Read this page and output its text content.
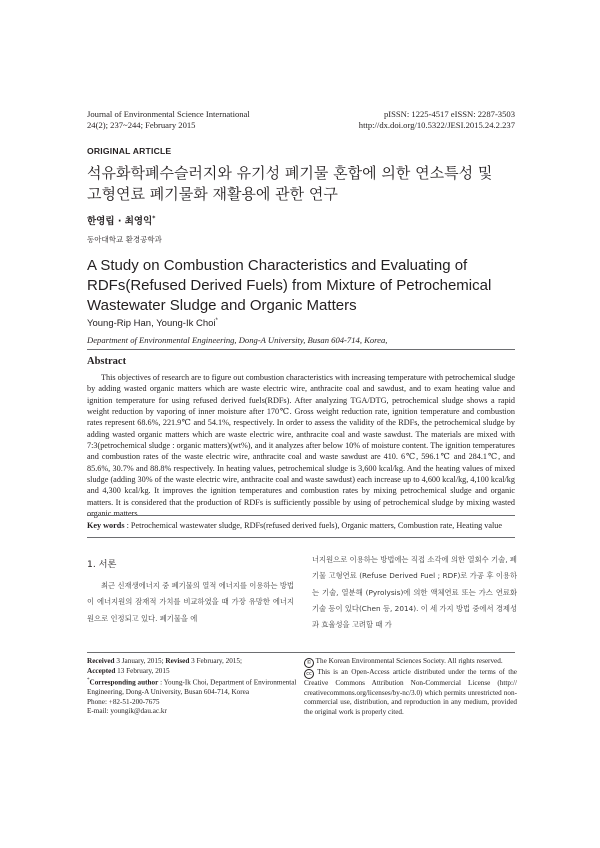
Journal of Environmental Science International
24(2); 237~244; February 2015
pISSN: 1225-4517 eISSN: 2287-3503
http://dx.doi.org/10.5322/JESI.2015.24.2.237
ORIGINAL ARTICLE
석유화학폐수슬러지와 유기성 폐기물 혼합에 의한 연소특성 및
고형연료 폐기물화 재활용에 관한 연구
한영립 · 최영익*
동아대학교 환경공학과
A Study on Combustion Characteristics and Evaluating of
RDFs(Refused Derived Fuels) from Mixture of Petrochemical
Wastewater Sludge and Organic Matters
Young-Rip Han, Young-Ik Choi*
Department of Environmental Engineering, Dong-A University, Busan 604-714, Korea,
Abstract
This objectives of research are to figure out combustion characteristics with increasing temperature with petrochemical sludge by adding wasted organic matters which are waste electric wire, anthracite coal and sawdust, and to exam heating value and ignition temperature for using refused derived fuels(RDFs). After analyzing TGA/DTG, petrochemical sludge shows a rapid weight reduction by vaporing of inner moisture after 170℃. Gross weight reduction rate, ignition temperature and combustion rates represent 68.6%, 221.9℃ and 54.1%, respectively. In order to assess the validity of the RDFs, the petrochemical sludge by adding wasted organic matters which are waste electric wire, anthracite coal and waste sawdust. The materials are mixed with 7:3(petrochemical sludge : organic matters)(wt%), and it analyzes after below 10% of moisture content. The ignition temperatures and combustion rates of the waste electric wire, anthracite coal and waste sawdust are 410. 6℃, 596.1℃ and 284.1℃, and 85.6%, 30.7% and 88.8% respectively. In heating values, petrochemical sludge is 3,600 kcal/kg. And the heating values of mixed sludge (adding 30% of the waste electric wire, anthracite coal and waste sawdust) each increase up to 4,600 kcal/kg, 4,100 kcal/kg and 4,300 kcal/kg. It improves the ignition temperatures and combustion rates by mixing petrochemical sludge and organic matters. It is considered that the production of RDFs is sufficiently possible by using of petrochemical sludge by mixing wasted organic matters.
Key words : Petrochemical wastewater sludge, RDFs(refused derived fuels), Organic matters, Combustion rate, Heating value
1. 서론
최근 신재생에너지 중 폐기물의 열적 에너지를 이용하는 방법이 에너지원의 잠재적 가치를 비교하였을 때 가장 유망한 에너지원으로 인정되고 있다. 폐기물을 에
너지원으로 이용하는 방법에는 직접 소각에 의한 열회수 기술, 폐기물 고형연료 (Refuse Derived Fuel ; RDF)로 가공 후 이용하는 기술, 열분해 (Pyrolysis)에 의한 액체연료 또는 가스 연료화 기술 등이 있다(Chen 등, 2014). 이 세 가지 방법 중에서 경제성과 효율성을 고려할 때 가
Received 3 January, 2015; Revised 3 February, 2015;
Accepted 13 February, 2015
*Corresponding author : Young-Ik Choi, Department of Environmental Engineering, Dong-A University, Busan 604-714, Korea
Phone: +82-51-200-7675
E-mail: youngik@dau.ac.kr
© The Korean Environmental Sciences Society. All rights reserved.
cc This is an Open-Access article distributed under the terms of the Creative Commons Attribution Non-Commercial License (http:// creativecommons.org/licenses/by-nc/3.0) which permits unrestricted non-commercial use, distribution, and reproduction in any medium, provided the original work is properly cited.
